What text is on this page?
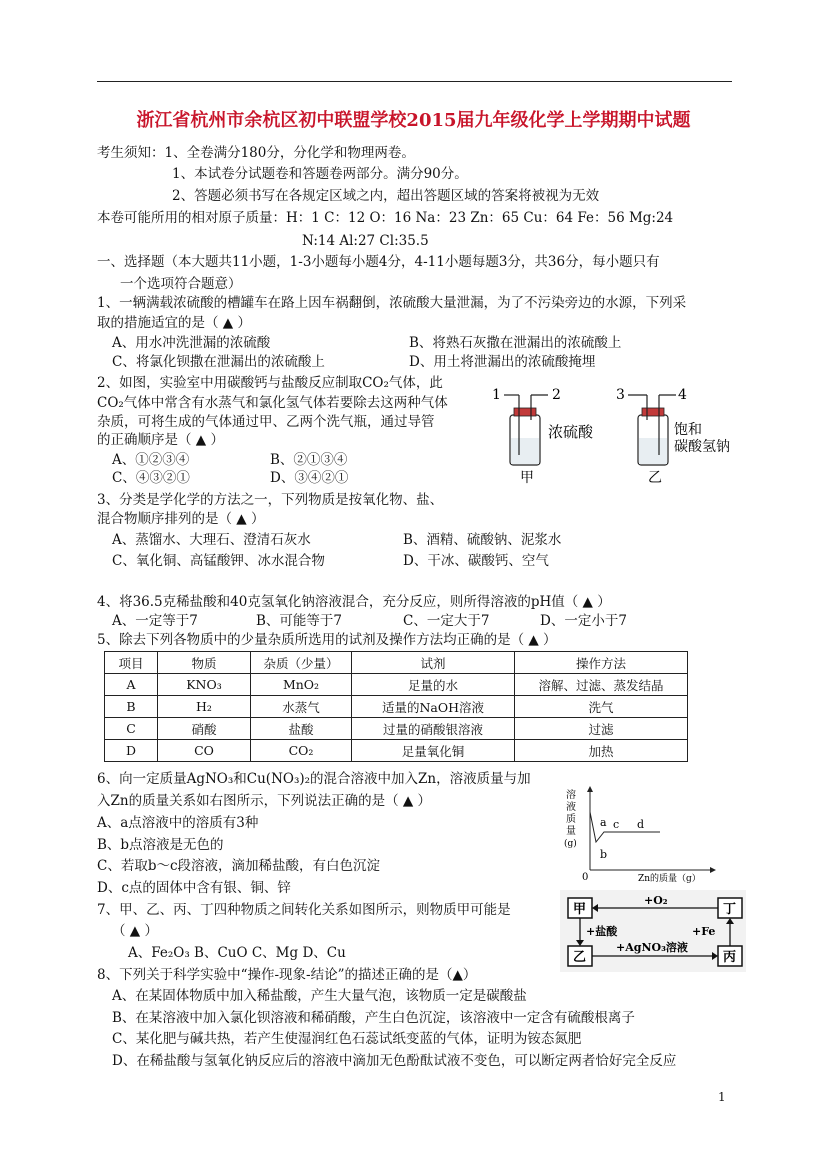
浙江省杭州市余杭区初中联盟学校2015届九年级化学上学期期中试题
考生须知：1、全卷满分180分，分化学和物理两卷。
1、本试卷分试题卷和答题卷两部分。满分90分。
2、答题必须书写在各规定区域之内，超出答题区域的答案将被视为无效
本卷可能所用的相对原子质量：H：1 C：12 O：16 Na：23 Zn：65 Cu：64 Fe：56 Mg:24
N:14 Al:27 Cl:35.5
一、选择题（本大题共11小题，1-3小题每小题4分，4-11小题每题3分，共36分，每小题只有
一个选项符合题意）
1、一辆满载浓硫酸的槽罐车在路上因车祸翻倒，浓硫酸大量泄漏，为了不污染旁边的水源，下列采
取的措施适宜的是（ ▲ ）
A、用水冲洗泄漏的浓硫酸	B、将熟石灰撒在泄漏出的浓硫酸上
C、将氯化钡撒在泄漏出的浓硫酸上	D、用土将泄漏出的浓硫酸掩埋
2、如图，实验室中用碳酸钙与盐酸反应制取CO₂气体，此
CO₂气体中常含有水蒸气和氯化氢气体若要除去这两种气体
杂质，可将生成的气体通过甲、乙两个洗气瓶，通过导管
的正确顺序是（ ▲ ）
A、①②③④	B、②①③④
C、④③②①	D、③④②①
1	2
浓硫酸
甲
3	4
饱和
碳酸氢钠
乙
3、分类是学化学的方法之一，下列物质是按氧化物、盐、
混合物顺序排列的是（ ▲ ）
A、蒸馏水、大理石、澄清石灰水	B、酒精、硫酸钠、泥浆水
C、氧化铜、高锰酸钾、冰水混合物	D、干冰、碳酸钙、空气
4、将36.5克稀盐酸和40克氢氧化钠溶液混合，充分反应，则所得溶液的pH值（ ▲ ）
A、一定等于7	B、可能等于7	C、一定大于7	D、一定小于7
5、除去下列各物质中的少量杂质所选用的试剂及操作方法均正确的是（ ▲ ）
项目	物质	杂质（少量）	试剂	操作方法
A	KNO₃	MnO₂	足量的水	溶解、过滤、蒸发结晶
B	H₂	水蒸气	适量的NaOH溶液	洗气
C	硝酸	盐酸	过量的硝酸银溶液	过滤
D	CO	CO₂	足量氧化铜	加热
6、向一定质量AgNO₃和Cu(NO₃)₂的混合溶液中加入Zn，溶液质量与加
入Zn的质量关系如右图所示，下列说法正确的是（ ▲ ）
A、a点溶液中的溶质有3种
B、b点溶液是无色的
C、若取b～c段溶液，滴加稀盐酸，有白色沉淀
D、c点的固体中含有银、铜、锌
溶
液
质
量
(g)
0	Zn的质量（g）
a
b
c d
7、甲、乙、丙、丁四种物质之间转化关系如图所示，则物质甲可能是
（ ▲ ）
A、Fe₂O₃ B、CuO C、Mg D、Cu
甲	丁
乙	丙
+O₂
+盐酸	+Fe
+AgNO₃溶液
8、下列关于科学实验中“操作-现象-结论”的描述正确的是（▲）
A、在某固体物质中加入稀盐酸，产生大量气泡，该物质一定是碳酸盐
B、在某溶液中加入氯化钡溶液和稀硝酸，产生白色沉淀，该溶液中一定含有硫酸根离子
C、某化肥与碱共热，若产生使湿润红色石蕊试纸变蓝的气体，证明为铵态氮肥
D、在稀盐酸与氢氧化钠反应后的溶液中滴加无色酚酞试液不变色，可以断定两者恰好完全反应
1
